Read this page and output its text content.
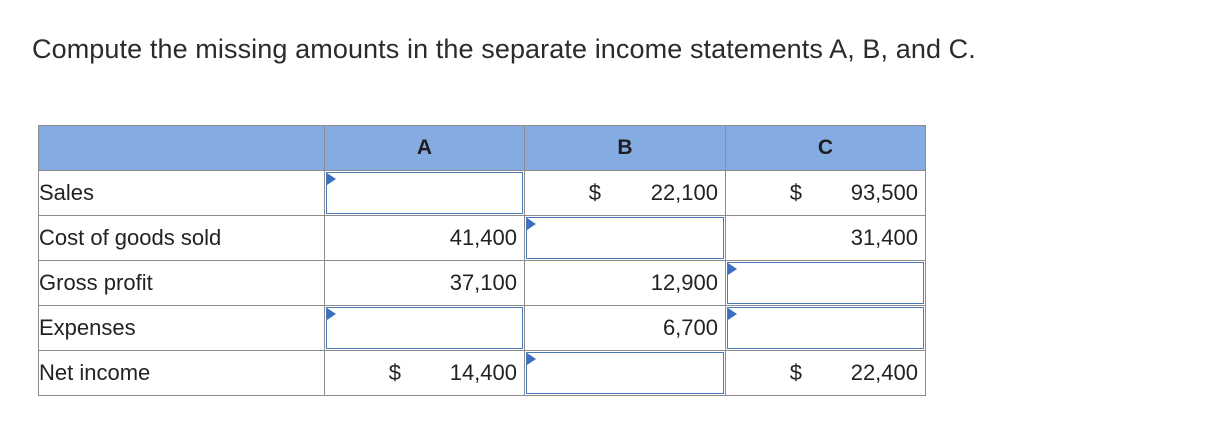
Compute the missing amounts in the separate income statements A, B, and C.
	A	B	C
Sales		$ 22,100	$ 93,500

Cost of goods sold	41,400		31,400

Gross profit	37,100	12,900

Expenses		6,700

Net income	$ 14,400		$ 22,400
